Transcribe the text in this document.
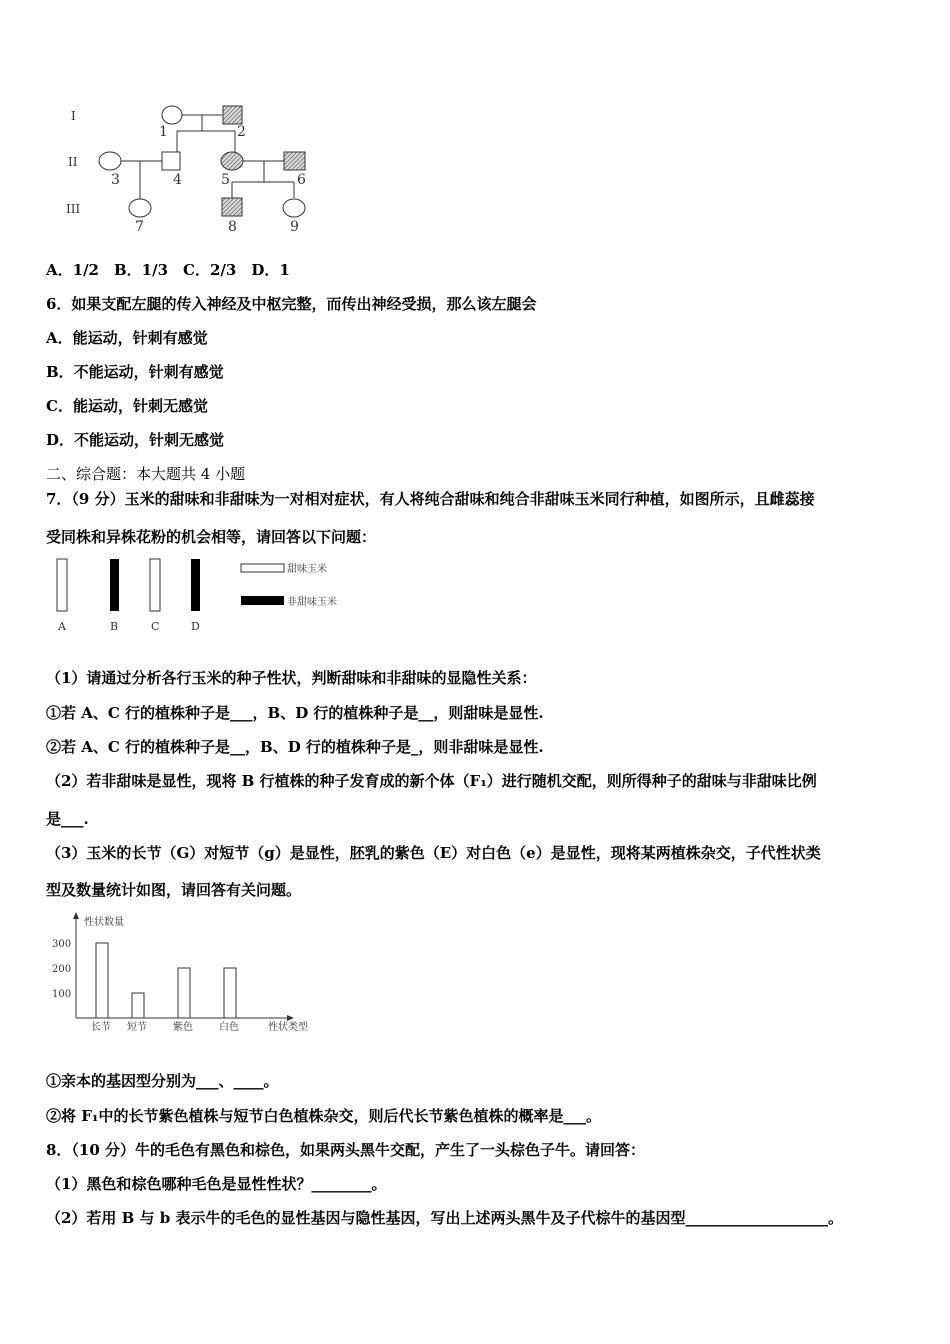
I
II
III
1	2
3	4	5	6
7	8	9
A．1/2　B．1/3　C．2/3　D．1
6．如果支配左腿的传入神经及中枢完整，而传出神经受损，那么该左腿会
A．能运动，针刺有感觉
B．不能运动，针刺有感觉
C．能运动，针刺无感觉
D．不能运动，针刺无感觉
二、综合题：本大题共 4 小题
7．（9 分）玉米的甜味和非甜味为一对相对症状，有人将纯合甜味和纯合非甜味玉米同行种植，如图所示，且雌蕊接
受同株和异株花粉的机会相等，请回答以下问题：
A	B	C	D
甜味玉米
非甜味玉米
（1）请通过分析各行玉米的种子性状，判断甜味和非甜味的显隐性关系：
①若 A、C 行的植株种子是___，B、D 行的植株种子是__，则甜味是显性.
②若 A、C 行的植株种子是__，B、D 行的植株种子是_，则非甜味是显性.
（2）若非甜味是显性，现将 B 行植株的种子发育成的新个体（F₁）进行随机交配，则所得种子的甜味与非甜味比例
是___.
（3）玉米的长节（G）对短节（g）是显性，胚乳的紫色（E）对白色（e）是显性，现将某两植株杂交，子代性状类
型及数量统计如图，请回答有关问题。
性状数量
性状类型
100
200
300
长节 短节	紫色	白色
①亲本的基因型分别为___、____。
②将 F₁中的长节紫色植株与短节白色植株杂交，则后代长节紫色植株的概率是___。
8．（10 分）牛的毛色有黑色和棕色，如果两头黑牛交配，产生了一头棕色子牛。请回答：
（1）黑色和棕色哪种毛色是显性性状？________。
（2）若用 B 与 b 表示牛的毛色的显性基因与隐性基因，写出上述两头黑牛及子代棕牛的基因型___________________。
